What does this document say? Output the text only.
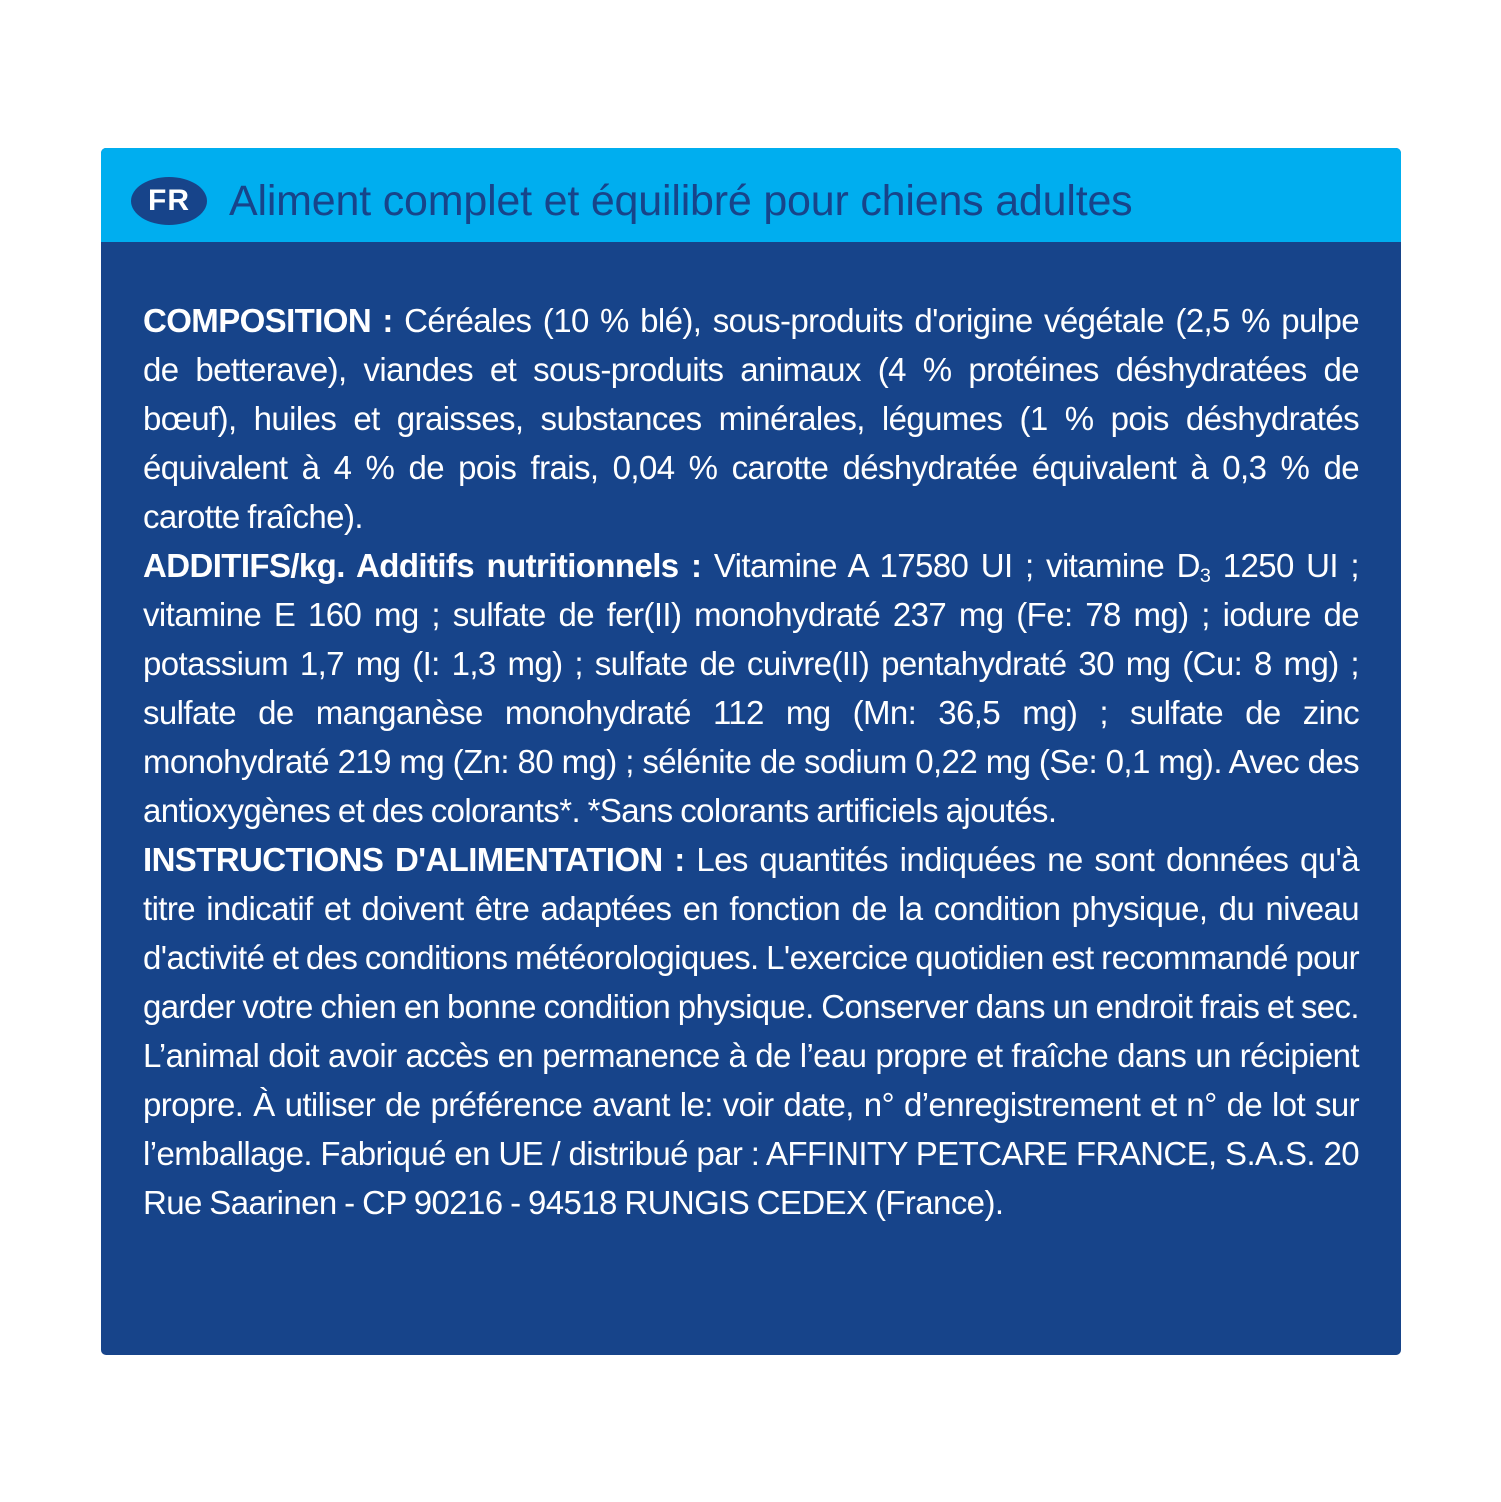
FR Aliment complet et équilibré pour chiens adultes

COMPOSITION : Céréales (10 % blé), sous-produits d'origine végétale (2,5 % pulpe de betterave), viandes et sous-produits animaux (4 % protéines déshydratées de bœuf), huiles et graisses, substances minérales, légumes (1 % pois déshydratés équivalent à 4 % de pois frais, 0,04 % carotte déshydratée équivalent à 0,3 % de carotte fraîche).

ADDITIFS/kg. Additifs nutritionnels : Vitamine A 17580 UI ; vitamine $D_3$ 1250 UI ; vitamine E 160 mg ; sulfate de fer(II) monohydraté 237 mg (Fe: 78 mg) ; iodure de potassium 1,7 mg (I: 1,3 mg) ; sulfate de cuivre(II) pentahydraté 30 mg (Cu: 8 mg) ; sulfate de manganèse monohydraté 112 mg (Mn: 36,5 mg) ; sulfate de zinc monohydraté 219 mg (Zn: 80 mg) ; sélénite de sodium 0,22 mg (Se: 0,1 mg). Avec des antioxygènes et des colorants*. *Sans colorants artificiels ajoutés.

INSTRUCTIONS D'ALIMENTATION : Les quantités indiquées ne sont données qu'à titre indicatif et doivent être adaptées en fonction de la condition physique, du niveau d'activité et des conditions météorologiques. L'exercice quotidien est recommandé pour garder votre chien en bonne condition physique. Conserver dans un endroit frais et sec. L’animal doit avoir accès en permanence à de l’eau propre et fraîche dans un récipient propre. À utiliser de préférence avant le: voir date, n° d’enregistrement et n° de lot sur l’emballage. Fabriqué en UE / distribué par : AFFINITY PETCARE FRANCE, S.A.S. 20 Rue Saarinen - CP 90216 - 94518 RUNGIS CEDEX (France).
